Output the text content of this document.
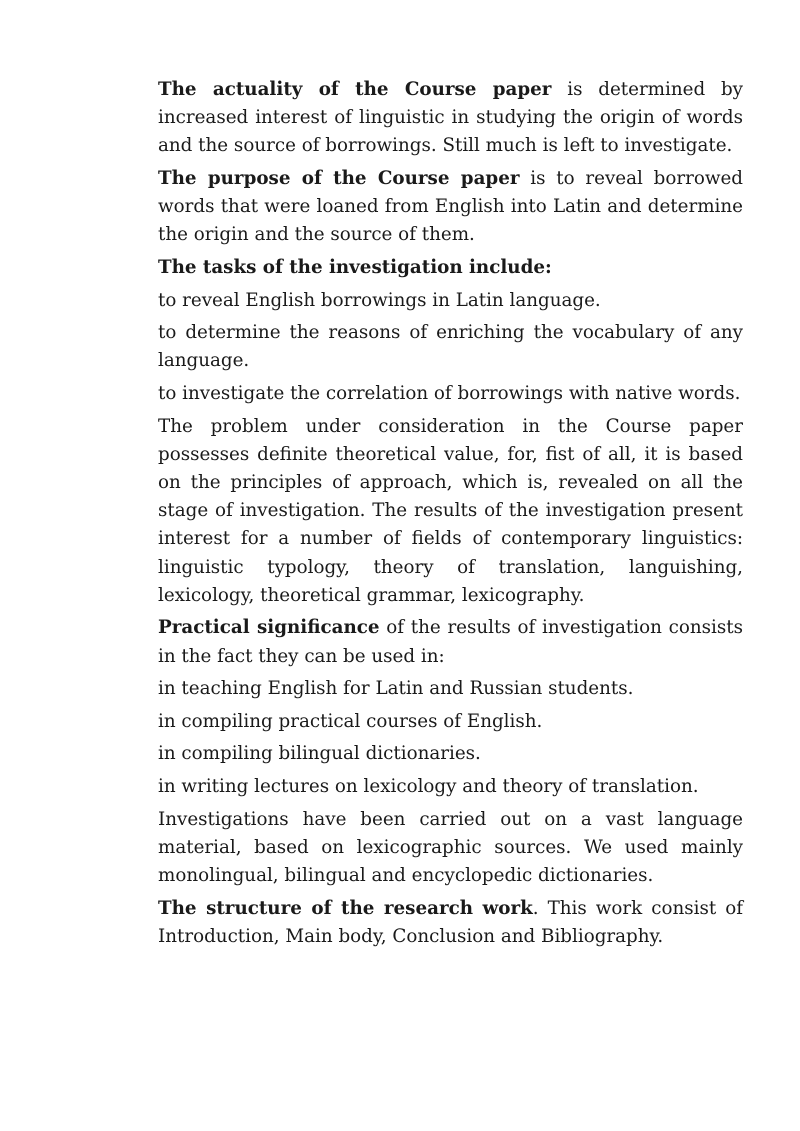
The actuality of the Course paper is determined by increased interest of linguistic in studying the origin of words and the source of borrowings. Still much is left to investigate.

The purpose of the Course paper is to reveal borrowed words that were loaned from English into Latin and determine the origin and the source of them.

The tasks of the investigation include:

to reveal English borrowings in Latin language.

to determine the reasons of enriching the vocabulary of any language.

to investigate the correlation of borrowings with native words.

The problem under consideration in the Course paper possesses definite theoretical value, for, fist of all, it is based on the principles of approach, which is, revealed on all the stage of investigation. The results of the investigation present interest for a number of fields of contemporary linguistics: linguistic typology, theory of translation, languishing, lexicology, theoretical grammar, lexicography.

Practical significance of the results of investigation consists in the fact they can be used in:

in teaching English for Latin and Russian students.

in compiling practical courses of English.

in compiling bilingual dictionaries.

in writing lectures on lexicology and theory of translation.

Investigations have been carried out on a vast language material, based on lexicographic sources. We used mainly monolingual, bilingual and encyclopedic dictionaries.

The structure of the research work. This work consist of Introduction, Main body, Conclusion and Bibliography.
